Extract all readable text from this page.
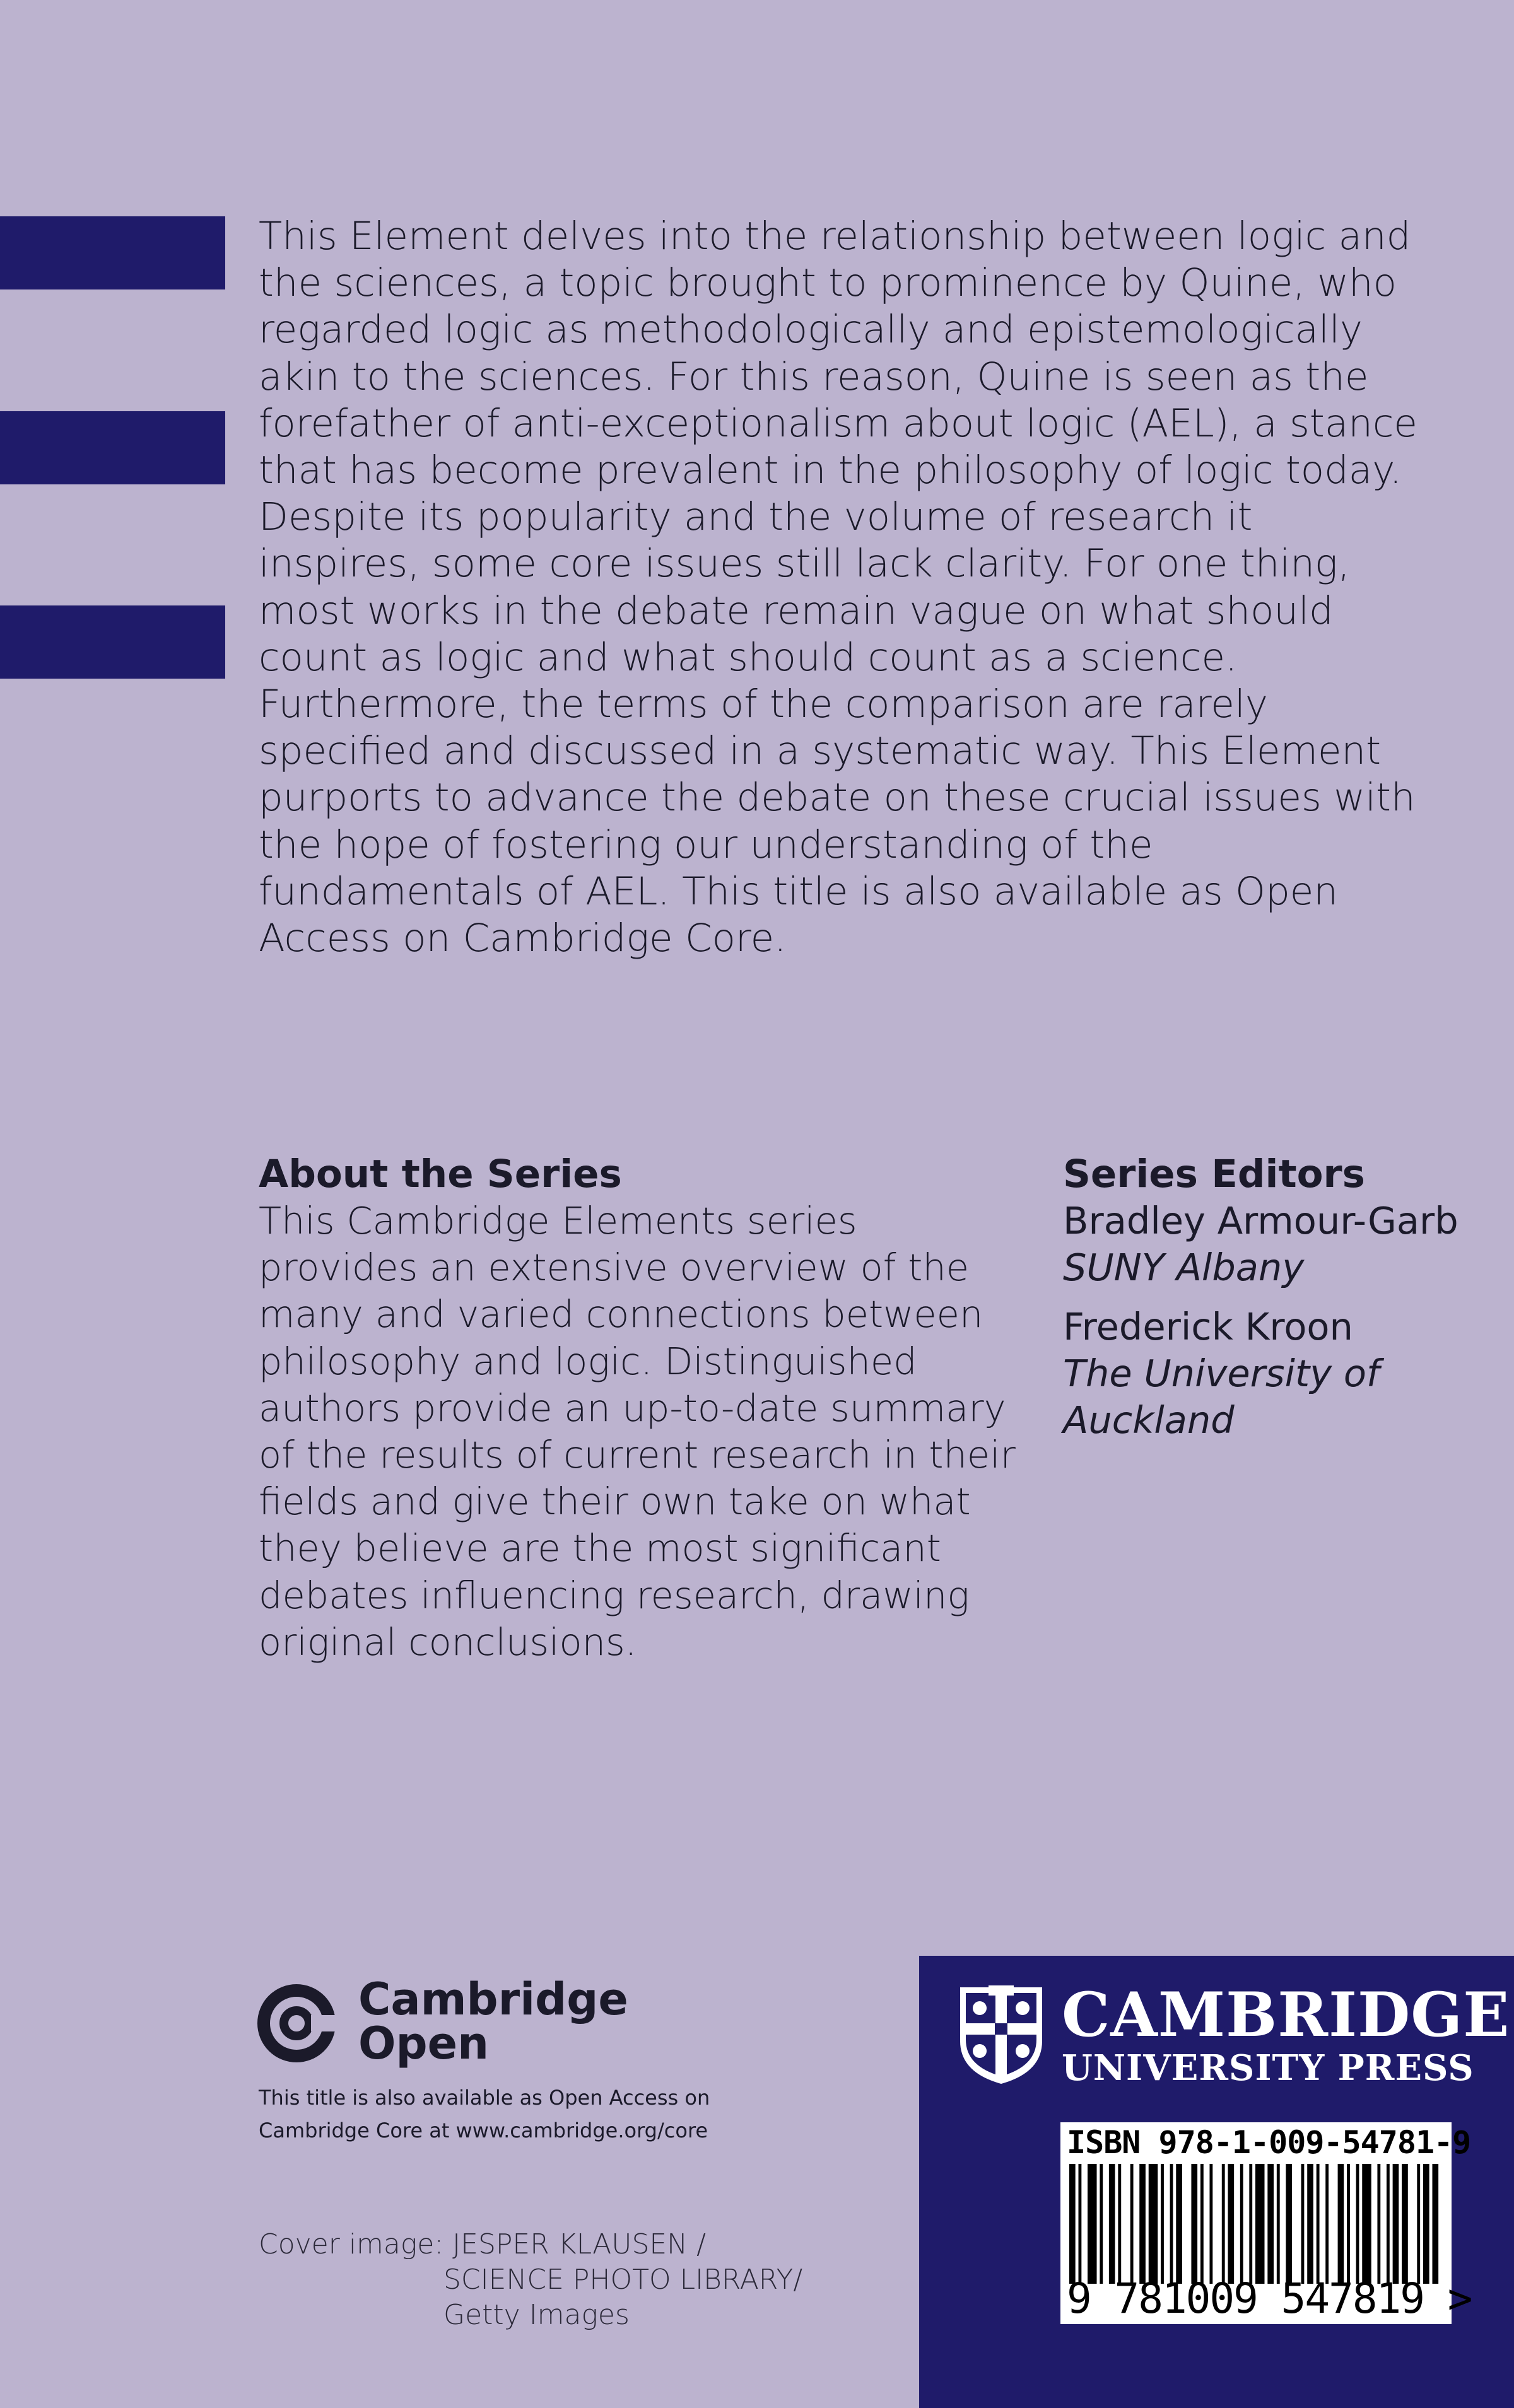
This Element delves into the relationship between logic and the sciences, a topic brought to prominence by Quine, who regarded logic as methodologically and epistemologically akin to the sciences. For this reason, Quine is seen as the forefather of anti-exceptionalism about logic (AEL), a stance that has become prevalent in the philosophy of logic today. Despite its popularity and the volume of research it inspires, some core issues still lack clarity. For one thing, most works in the debate remain vague on what should count as logic and what should count as a science. Furthermore, the terms of the comparison are rarely specified and discussed in a systematic way. This Element purports to advance the debate on these crucial issues with the hope of fostering our understanding of the fundamentals of AEL. This title is also available as Open Access on Cambridge Core.

About the Series

This Cambridge Elements series provides an extensive overview of the many and varied connections between philosophy and logic. Distinguished authors provide an up-to-date summary of the results of current research in their fields and give their own take on what they believe are the most significant debates influencing research, drawing original conclusions.

Series Editors

Bradley Armour-Garb

SUNY Albany

Frederick Kroon

The University of Auckland

Cambridge
Open
This title is also available as Open Access on Cambridge Core at www.cambridge.org/core
Cover image: JESPER KLAUSEN /
SCIENCE PHOTO LIBRARY/
Getty Images
CAMBRIDGE
UNIVERSITY PRESS
ISBN 978-1-009-54781-9
9 781009 547819 >
